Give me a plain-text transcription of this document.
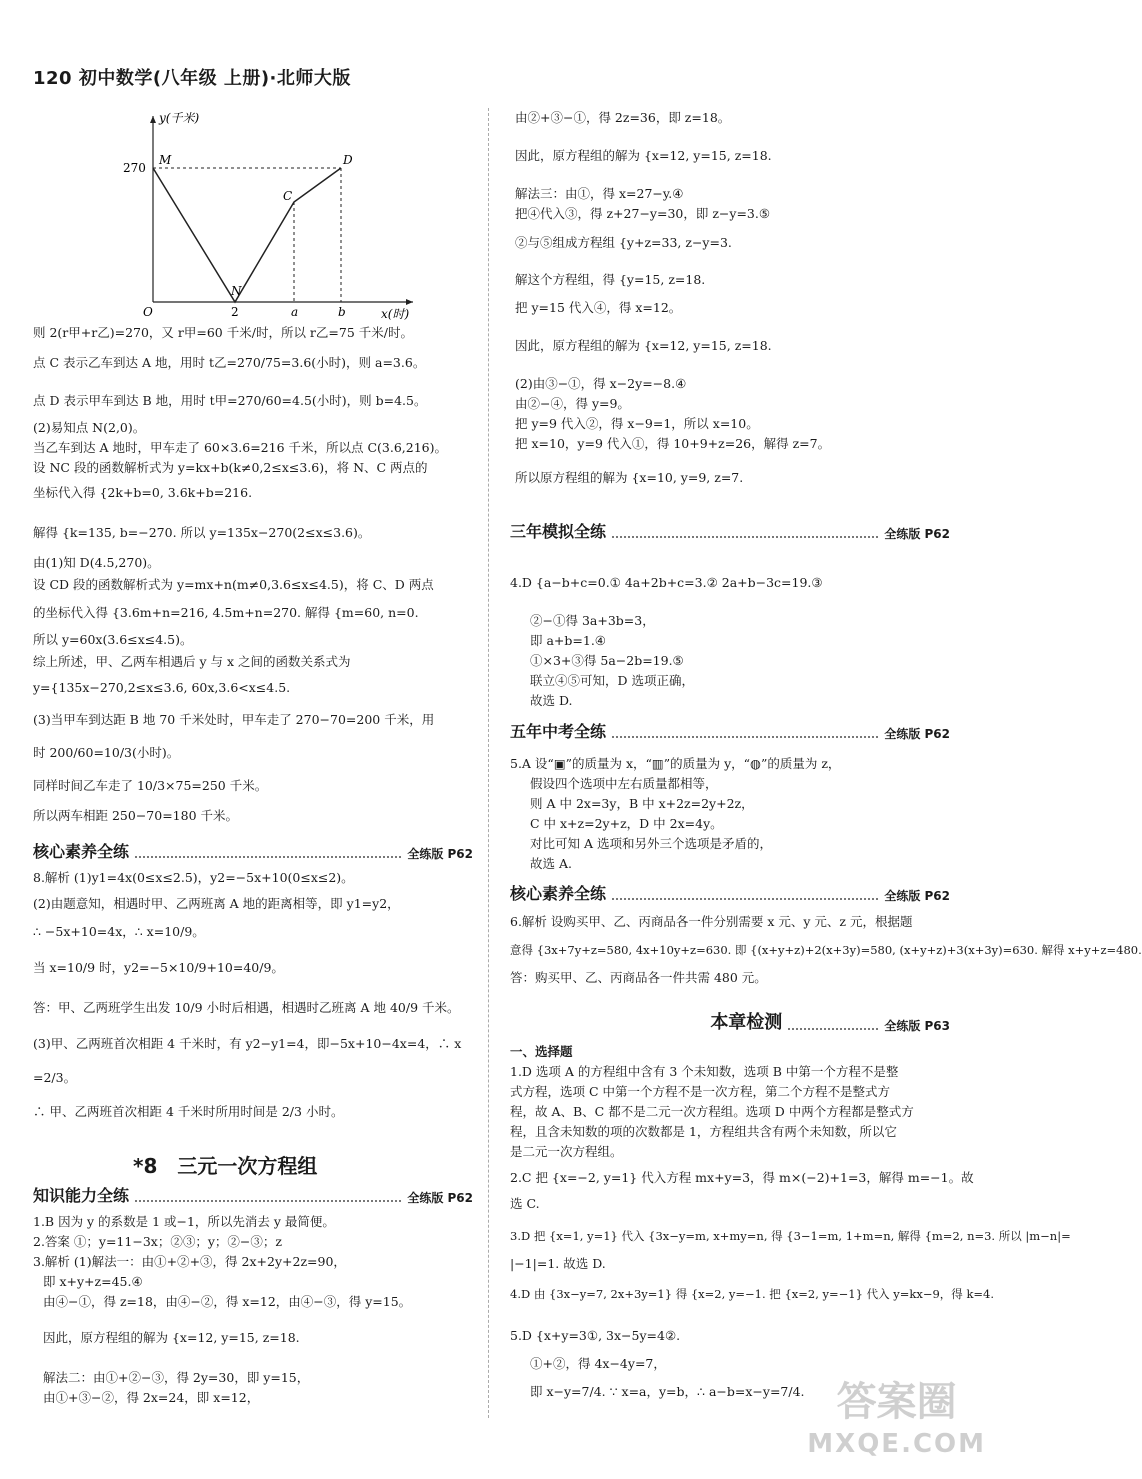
120 初中数学(八年级 上册)·北师大版
y(千米)
x(时)
270
O	2	a	b
M
N
C
D
则 2(r甲+r乙)=270，又 r甲=60 千米/时，所以 r乙=75 千米/时。
点 C 表示乙车到达 A 地，用时 t乙=270/75=3.6(小时)，则 a=3.6。
点 D 表示甲车到达 B 地，用时 t甲=270/60=4.5(小时)，则 b=4.5。
(2)易知点 N(2,0)。
当乙车到达 A 地时，甲车走了 60×3.6=216 千米，所以点 C(3.6,216)。
设 NC 段的函数解析式为 y=kx+b(k≠0,2≤x≤3.6)，将 N、C 两点的
坐标代入得 {2k+b=0, 3.6k+b=216.
解得 {k=135, b=−270. 所以 y=135x−270(2≤x≤3.6)。
由(1)知 D(4.5,270)。
设 CD 段的函数解析式为 y=mx+n(m≠0,3.6≤x≤4.5)，将 C、D 两点
的坐标代入得 {3.6m+n=216, 4.5m+n=270. 解得 {m=60, n=0.
所以 y=60x(3.6≤x≤4.5)。
综上所述，甲、乙两车相遇后 y 与 x 之间的函数关系式为
y={135x−270,2≤x≤3.6, 60x,3.6<x≤4.5.
(3)当甲车到达距 B 地 70 千米处时，甲车走了 270−70=200 千米，用
时 200/60=10/3(小时)。
同样时间乙车走了 10/3×75=250 千米。
所以两车相距 250−70=180 千米。
核心素养全练	全练版 P62
8.解析 (1)y1=4x(0≤x≤2.5)，y2=−5x+10(0≤x≤2)。
(2)由题意知，相遇时甲、乙两班离 A 地的距离相等，即 y1=y2，
∴ −5x+10=4x，∴ x=10/9。
当 x=10/9 时，y2=−5×10/9+10=40/9。
答：甲、乙两班学生出发 10/9 小时后相遇，相遇时乙班离 A 地 40/9 千米。
(3)甲、乙两班首次相距 4 千米时，有 y2−y1=4，即−5x+10−4x=4，∴ x
=2/3。
∴ 甲、乙两班首次相距 4 千米时所用时间是 2/3 小时。
*8　三元一次方程组
知识能力全练	全练版 P62
1.B 因为 y 的系数是 1 或−1，所以先消去 y 最简便。
2.答案 ①；y=11−3x；②③；y；②−③；z
3.解析 (1)解法一：由①+②+③，得 2x+2y+2z=90，
即 x+y+z=45.④
由④−①，得 z=18，由④−②，得 x=12，由④−③，得 y=15。
因此，原方程组的解为 {x=12, y=15, z=18.
解法二：由①+②−③，得 2y=30，即 y=15，
由①+③−②，得 2x=24，即 x=12，
由②+③−①，得 2z=36，即 z=18。
因此，原方程组的解为 {x=12, y=15, z=18.
解法三：由①，得 x=27−y.④
把④代入③，得 z+27−y=30，即 z−y=3.⑤
②与⑤组成方程组 {y+z=33, z−y=3.
解这个方程组，得 {y=15, z=18.
把 y=15 代入④，得 x=12。
因此，原方程组的解为 {x=12, y=15, z=18.
(2)由③−①，得 x−2y=−8.④
由②−④，得 y=9。
把 y=9 代入②，得 x−9=1，所以 x=10。
把 x=10，y=9 代入①，得 10+9+z=26，解得 z=7。
所以原方程组的解为 {x=10, y=9, z=7.
三年模拟全练	全练版 P62
4.D {a−b+c=0.① 4a+2b+c=3.② 2a+b−3c=19.③
②−①得 3a+3b=3，
即 a+b=1.④
①×3+③得 5a−2b=19.⑤
联立④⑤可知，D 选项正确，
故选 D.
五年中考全练	全练版 P62
5.A 设“▣”的质量为 x，“▥”的质量为 y，“◍”的质量为 z，
假设四个选项中左右质量都相等，
则 A 中 2x=3y，B 中 x+2z=2y+2z，
C 中 x+z=2y+z，D 中 2x=4y。
对比可知 A 选项和另外三个选项是矛盾的，
故选 A.
核心素养全练	全练版 P62
6.解析 设购买甲、乙、丙商品各一件分别需要 x 元、y 元、z 元，根据题
意得 {3x+7y+z=580, 4x+10y+z=630. 即 {(x+y+z)+2(x+3y)=580, (x+y+z)+3(x+3y)=630. 解得 x+y+z=480.
答：购买甲、乙、丙商品各一件共需 480 元。
本章检测	全练版 P63
一、选择题
1.D 选项 A 的方程组中含有 3 个未知数，选项 B 中第一个方程不是整
式方程，选项 C 中第一个方程不是一次方程，第二个方程不是整式方
程，故 A、B、C 都不是二元一次方程组。选项 D 中两个方程都是整式方
程，且含未知数的项的次数都是 1，方程组共含有两个未知数，所以它
是二元一次方程组。
2.C 把 {x=−2, y=1} 代入方程 mx+y=3，得 m×(−2)+1=3，解得 m=−1。故
选 C.
3.D 把 {x=1, y=1} 代入 {3x−y=m, x+my=n, 得 {3−1=m, 1+m=n, 解得 {m=2, n=3. 所以 |m−n|=
|−1|=1. 故选 D.
4.D 由 {3x−y=7, 2x+3y=1} 得 {x=2, y=−1. 把 {x=2, y=−1} 代入 y=kx−9，得 k=4.
5.D {x+y=3①, 3x−5y=4②.
①+②，得 4x−4y=7，
即 x−y=7/4. ∵ x=a，y=b，∴ a−b=x−y=7/4. 答案圈
MXQE.COM
